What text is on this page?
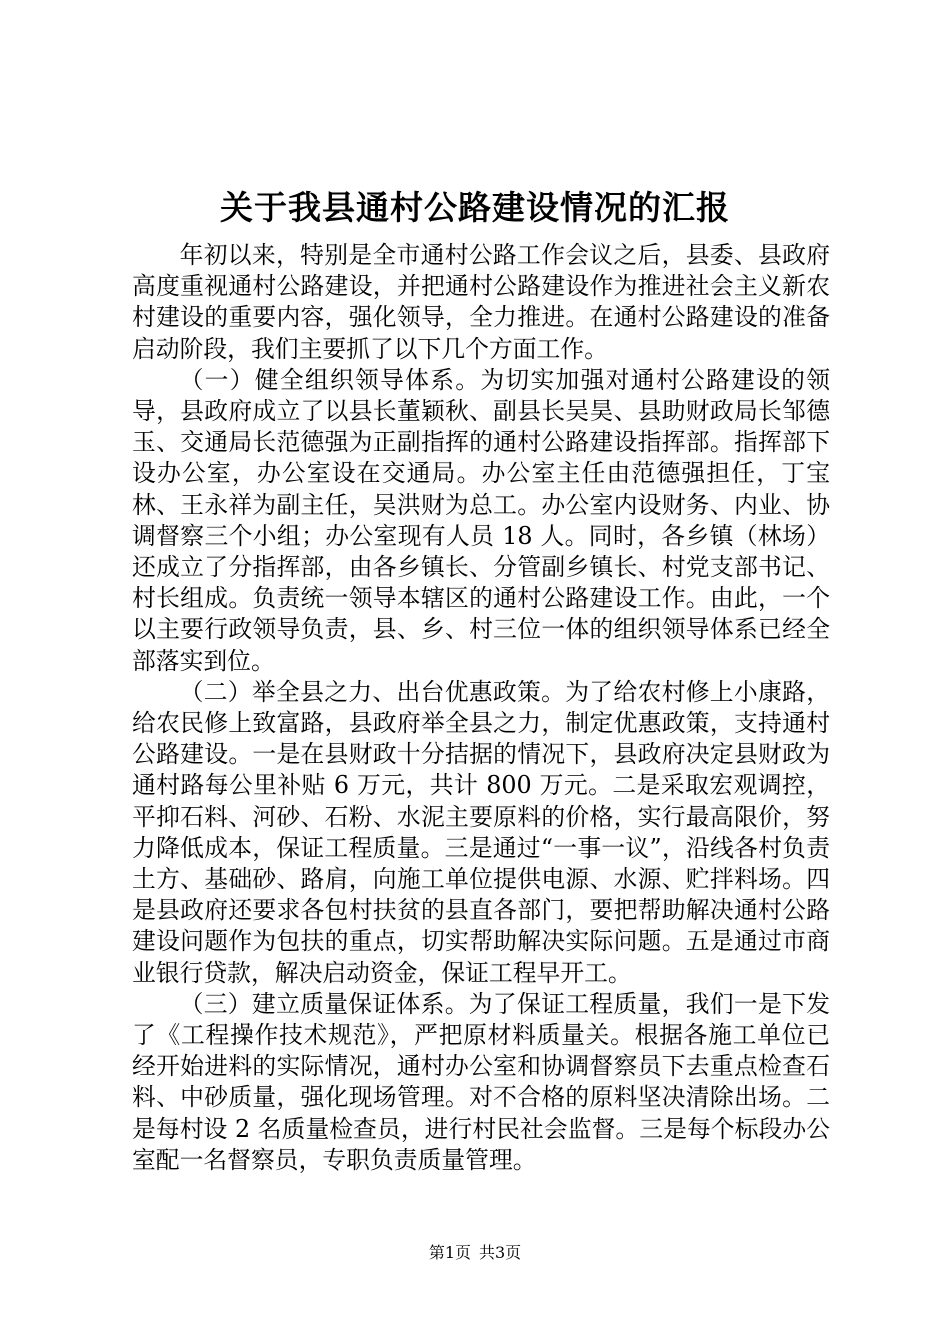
关于我县通村公路建设情况的汇报

年初以来，特别是全市通村公路工作会议之后，县委、县政府高度重视通村公路建设，并把通村公路建设作为推进社会主义新农村建设的重要内容，强化领导，全力推进。在通村公路建设的准备启动阶段，我们主要抓了以下几个方面工作。

（一）健全组织领导体系。为切实加强对通村公路建设的领导，县政府成立了以县长董颖秋、副县长吴昊、县助财政局长邹德玉、交通局长范德强为正副指挥的通村公路建设指挥部。指挥部下设办公室，办公室设在交通局。办公室主任由范德强担任，丁宝林、王永祥为副主任，吴洪财为总工。办公室内设财务、内业、协调督察三个小组；办公室现有人员 18 人。同时，各乡镇（林场）还成立了分指挥部，由各乡镇长、分管副乡镇长、村党支部书记、村长组成。负责统一领导本辖区的通村公路建设工作。由此，一个以主要行政领导负责，县、乡、村三位一体的组织领导体系已经全部落实到位。

（二）举全县之力、出台优惠政策。为了给农村修上小康路，给农民修上致富路，县政府举全县之力，制定优惠政策，支持通村公路建设。一是在县财政十分拮据的情况下，县政府决定县财政为通村路每公里补贴 6 万元，共计 800 万元。二是采取宏观调控，平抑石料、河砂、石粉、水泥主要原料的价格，实行最高限价，努力降低成本，保证工程质量。三是通过“一事一议”，沿线各村负责土方、基础砂、路肩，向施工单位提供电源、水源、贮拌料场。四是县政府还要求各包村扶贫的县直各部门，要把帮助解决通村公路建设问题作为包扶的重点，切实帮助解决实际问题。五是通过市商业银行贷款，解决启动资金，保证工程早开工。

（三）建立质量保证体系。为了保证工程质量，我们一是下发了《工程操作技术规范》，严把原材料质量关。根据各施工单位已经开始进料的实际情况，通村办公室和协调督察员下去重点检查石料、中砂质量，强化现场管理。对不合格的原料坚决清除出场。二是每村设 2 名质量检查员，进行村民社会监督。三是每个标段办公室配一名督察员，专职负责质量管理。

第1页 共3页
